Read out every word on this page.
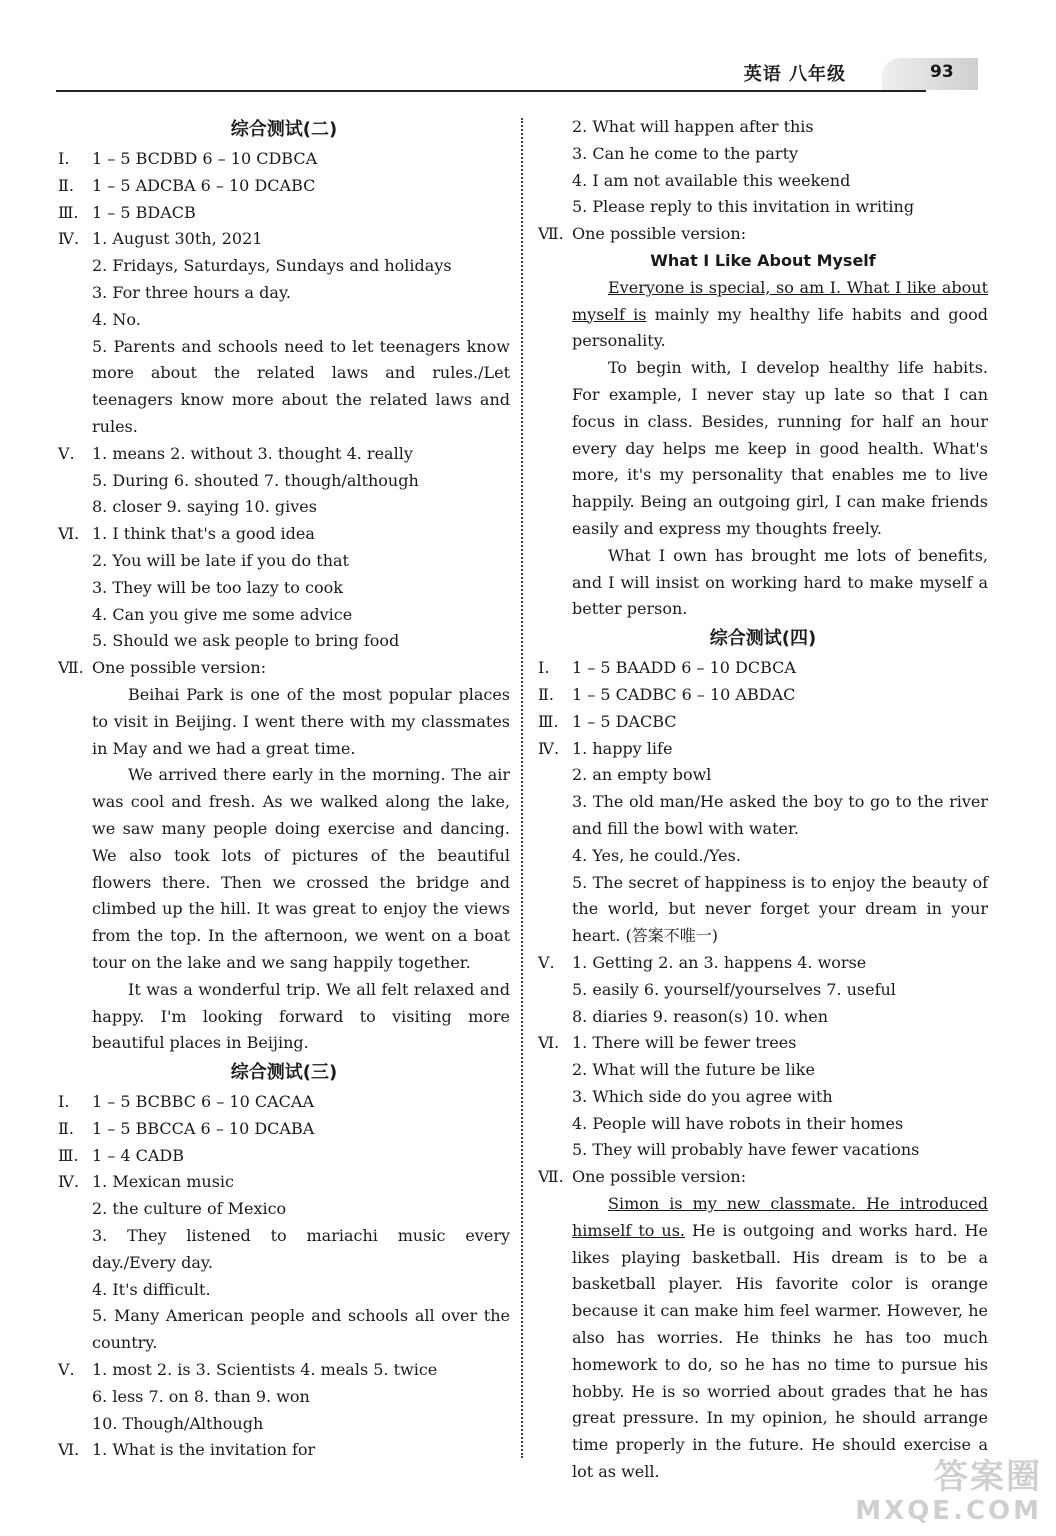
英语 八年级	93
综合测试(二)
Ⅰ. 1 – 5 BCDBD 6 – 10 CDBCA
Ⅱ. 1 – 5 ADCBA 6 – 10 DCABC
Ⅲ. 1 – 5 BDACB
Ⅳ. 1. August 30th, 2021
2. Fridays, Saturdays, Sundays and holidays
3. For three hours a day.
4. No.
5. Parents and schools need to let teenagers know more about the related laws and rules./Let teenagers know more about the related laws and rules.
Ⅴ. 1. means 2. without 3. thought 4. really
5. During 6. shouted 7. though/although
8. closer 9. saying 10. gives
Ⅵ. 1. I think that's a good idea
2. You will be late if you do that
3. They will be too lazy to cook
4. Can you give me some advice
5. Should we ask people to bring food
Ⅶ. One possible version:
Beihai Park is one of the most popular places to visit in Beijing. I went there with my classmates in May and we had a great time.
We arrived there early in the morning. The air was cool and fresh. As we walked along the lake, we saw many people doing exercise and dancing. We also took lots of pictures of the beautiful flowers there. Then we crossed the bridge and climbed up the hill. It was great to enjoy the views from the top. In the afternoon, we went on a boat tour on the lake and we sang happily together.
It was a wonderful trip. We all felt relaxed and happy. I'm looking forward to visiting more beautiful places in Beijing.
综合测试(三)
Ⅰ. 1 – 5 BCBBC 6 – 10 CACAA
Ⅱ. 1 – 5 BBCCA 6 – 10 DCABA
Ⅲ. 1 – 4 CADB
Ⅳ. 1. Mexican music
2. the culture of Mexico
3. They listened to mariachi music every day./Every day.
4. It's difficult.
5. Many American people and schools all over the country.
Ⅴ. 1. most 2. is 3. Scientists 4. meals 5. twice
6. less 7. on 8. than 9. won
10. Though/Although
Ⅵ. 1. What is the invitation for
2. What will happen after this
3. Can he come to the party
4. I am not available this weekend
5. Please reply to this invitation in writing
Ⅶ. One possible version:
What I Like About Myself
Everyone is special, so am I. What I like about myself is mainly my healthy life habits and good personality.
To begin with, I develop healthy life habits. For example, I never stay up late so that I can focus in class. Besides, running for half an hour every day helps me keep in good health. What's more, it's my personality that enables me to live happily. Being an outgoing girl, I can make friends easily and express my thoughts freely.
What I own has brought me lots of benefits, and I will insist on working hard to make myself a better person.
综合测试(四)
Ⅰ. 1 – 5 BAADD 6 – 10 DCBCA
Ⅱ. 1 – 5 CADBC 6 – 10 ABDAC
Ⅲ. 1 – 5 DACBC
Ⅳ. 1. happy life
2. an empty bowl
3. The old man/He asked the boy to go to the river and fill the bowl with water.
4. Yes, he could./Yes.
5. The secret of happiness is to enjoy the beauty of the world, but never forget your dream in your heart. (答案不唯一)
Ⅴ. 1. Getting 2. an 3. happens 4. worse
5. easily 6. yourself/yourselves 7. useful
8. diaries 9. reason(s) 10. when
Ⅵ. 1. There will be fewer trees
2. What will the future be like
3. Which side do you agree with
4. People will have robots in their homes
5. They will probably have fewer vacations
Ⅶ. One possible version:
Simon is my new classmate. He introduced himself to us. He is outgoing and works hard. He likes playing basketball. His dream is to be a basketball player. His favorite color is orange because it can make him feel warmer. However, he also has worries. He thinks he has too much homework to do, so he has no time to pursue his hobby. He is so worried about grades that he has great pressure. In my opinion, he should arrange time properly in the future. He should exercise a lot as well.	答案圈
MXQE.COM
